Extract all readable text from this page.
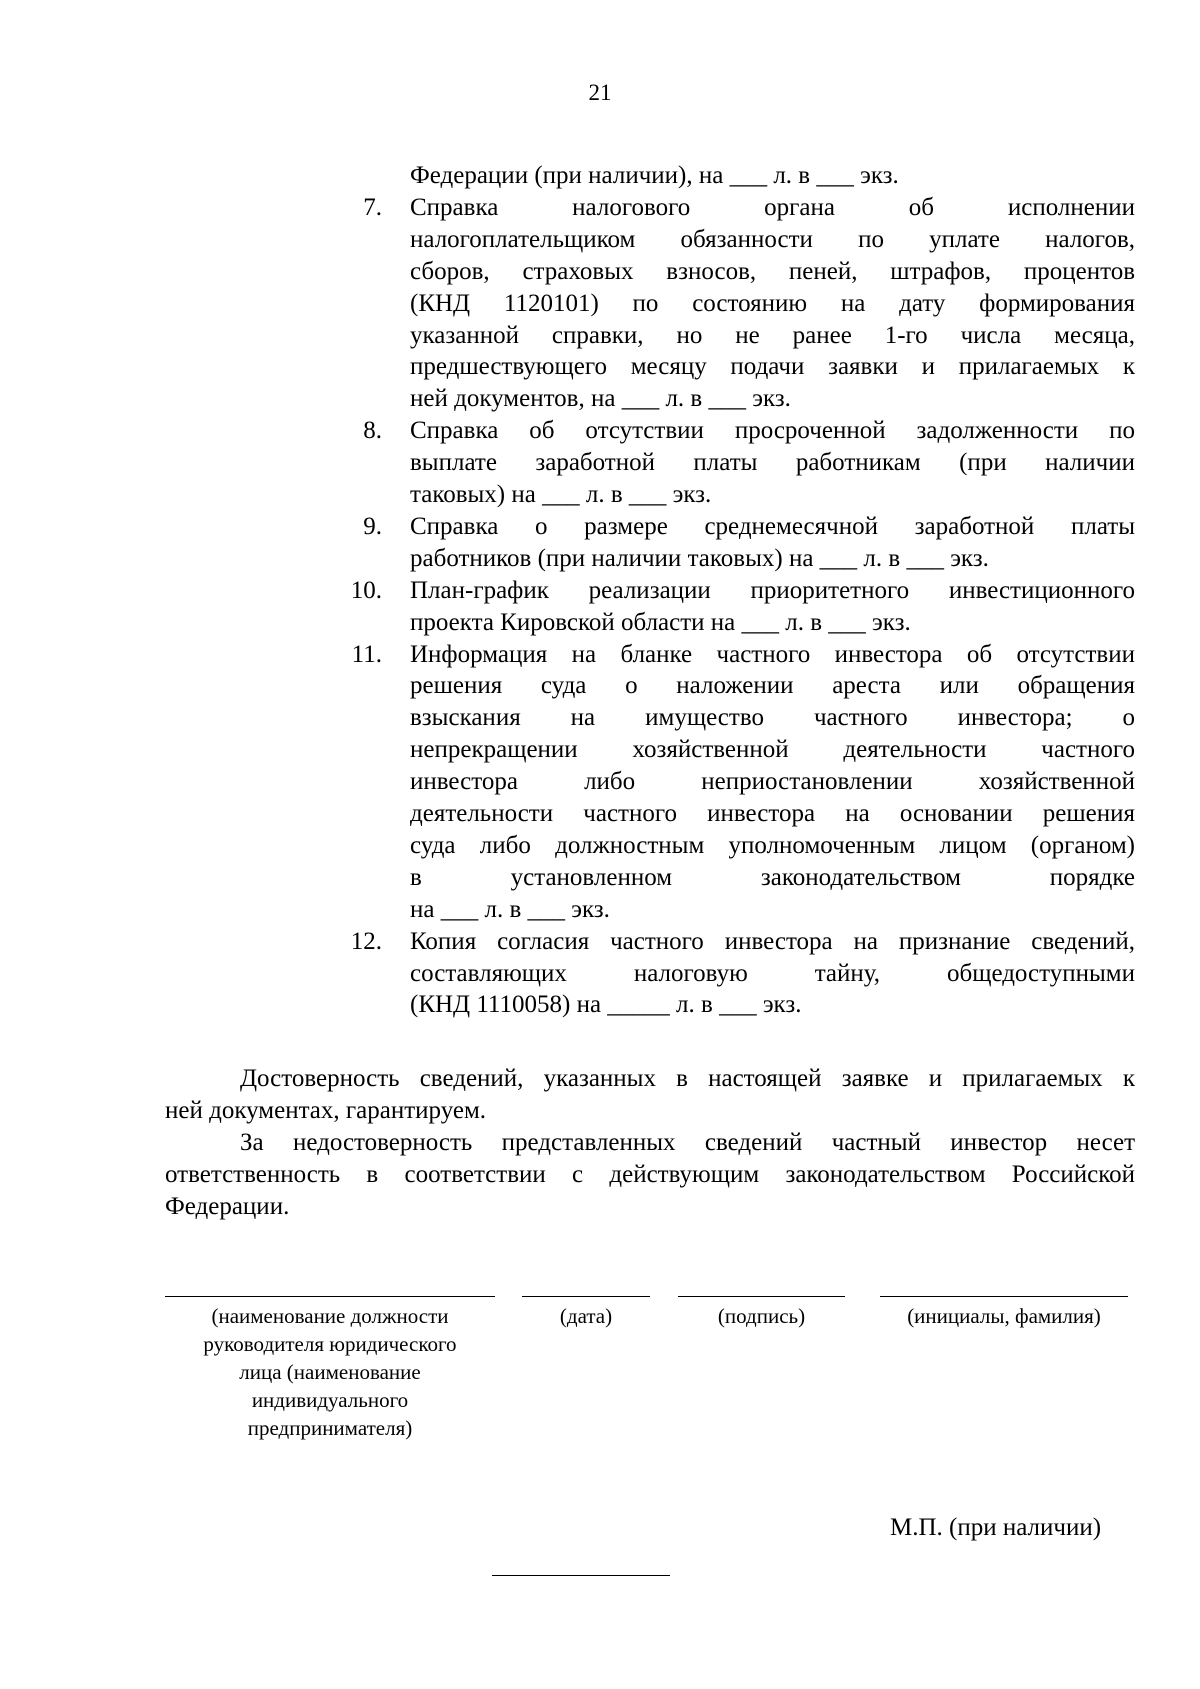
21
Федерации (при наличии), на ___ л. в ___ экз.
7. Справка налогового органа об исполнении
налогоплательщиком обязанности по уплате налогов,
сборов, страховых взносов, пеней, штрафов, процентов
(КНД 1120101) по состоянию на дату формирования
указанной справки, но не ранее 1-го числа месяца,
предшествующего месяцу подачи заявки и прилагаемых к
ней документов, на ___ л. в ___ экз.
8. Справка об отсутствии просроченной задолженности по
выплате заработной платы работникам (при наличии
таковых) на ___ л. в ___ экз.
9. Справка о размере среднемесячной заработной платы
работников (при наличии таковых) на ___ л. в ___ экз.
10. План-график реализации приоритетного инвестиционного
проекта Кировской области на ___ л. в ___ экз.
11. Информация на бланке частного инвестора об отсутствии
решения суда о наложении ареста или обращения
взыскания на имущество частного инвестора; о
непрекращении хозяйственной деятельности частного
инвестора либо неприостановлении хозяйственной
деятельности частного инвестора на основании решения
суда либо должностным уполномоченным лицом (органом)
в установленном законодательством порядке
на ___ л. в ___ экз.
12. Копия согласия частного инвестора на признание сведений,
составляющих налоговую тайну, общедоступными
(КНД 1110058) на _____ л. в ___ экз.
Достоверность сведений, указанных в настоящей заявке и прилагаемых к
ней документах, гарантируем.
За недостоверность представленных сведений частный инвестор несет
ответственность в соответствии с действующим законодательством Российской
Федерации.
(наименование должности
руководителя юридического
лица (наименование
индивидуального
предпринимателя)
(дата)	(подпись)	(инициалы, фамилия)
М.П. (при наличии)
